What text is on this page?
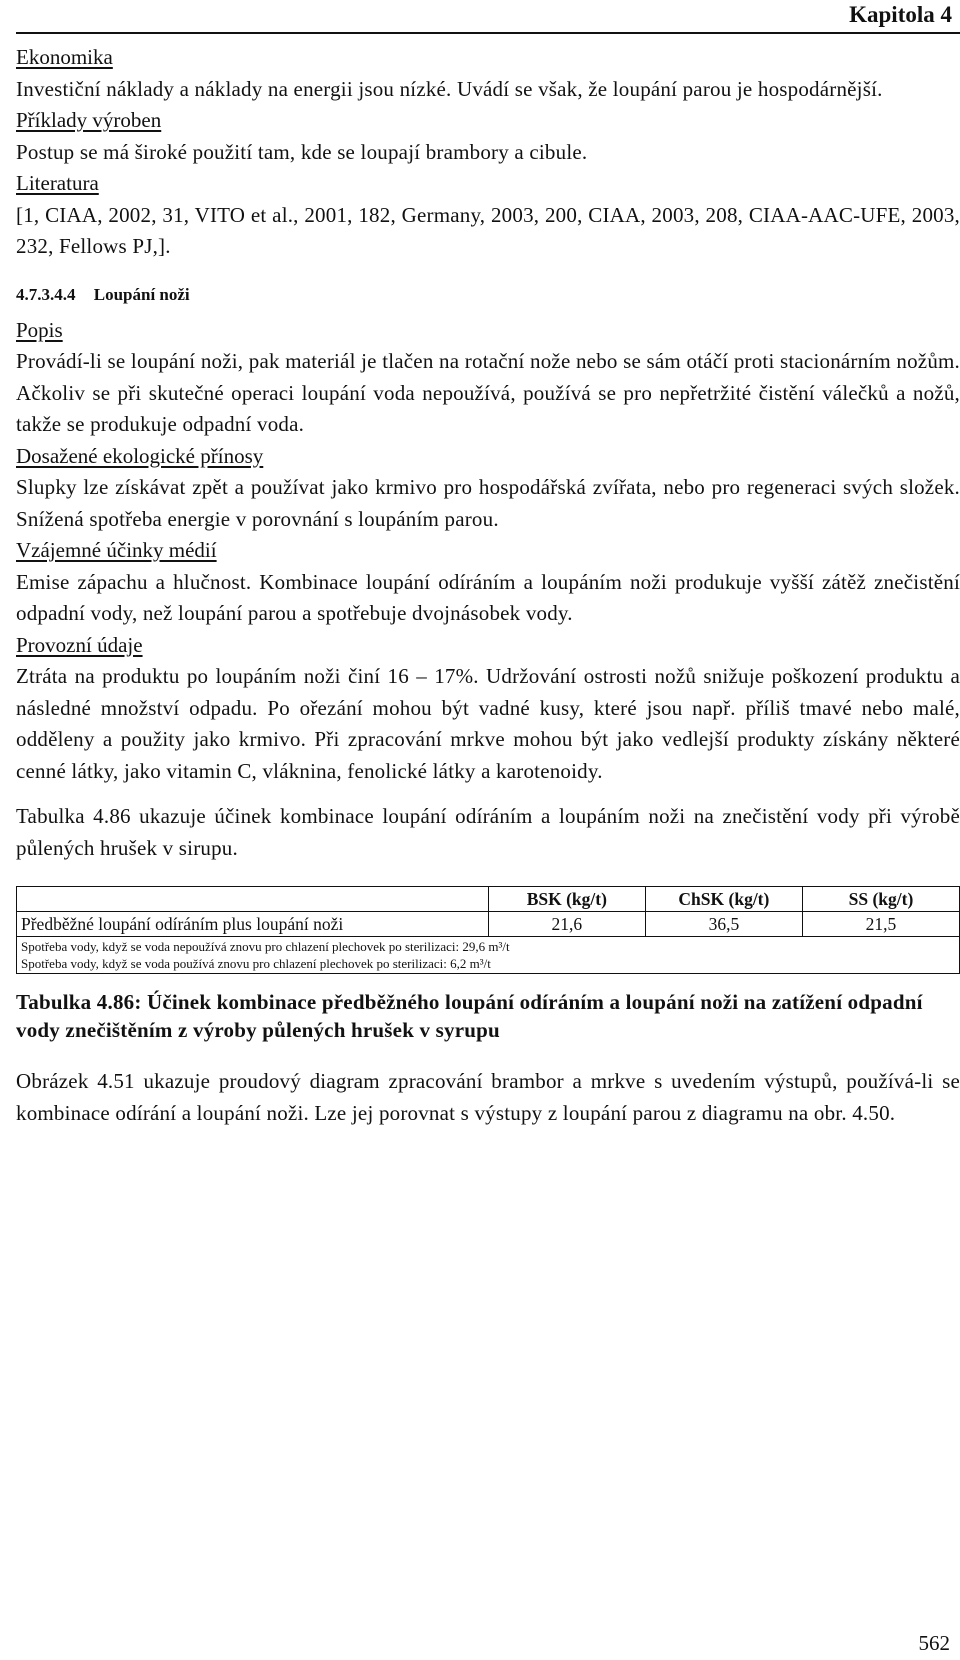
Kapitola 4

Ekonomika

Investiční náklady a náklady na energii jsou nízké. Uvádí se však, že loupání parou je hospodárnější.

Příklady výroben

Postup se má široké použití tam, kde se loupají brambory a cibule.

Literatura

[1, CIAA, 2002, 31, VITO et al., 2001, 182, Germany, 2003, 200, CIAA, 2003, 208, CIAA-AAC-UFE, 2003, 232, Fellows PJ,].

4.7.3.4.4 Loupání noži

Popis

Provádí-li se loupání noži, pak materiál je tlačen na rotační nože nebo se sám otáčí proti stacionárním nožům. Ačkoliv se při skutečné operaci loupání voda nepoužívá, používá se pro nepřetržité čistění válečků a nožů, takže se produkuje odpadní voda.

Dosažené ekologické přínosy

Slupky lze získávat zpět a používat jako krmivo pro hospodářská zvířata, nebo pro regeneraci svých složek. Snížená spotřeba energie v porovnání s loupáním parou.

Vzájemné účinky médií

Emise zápachu a hlučnost. Kombinace loupání odíráním a loupáním noži produkuje vyšší zátěž znečistění odpadní vody, než loupání parou a spotřebuje dvojnásobek vody.

Provozní údaje

Ztráta na produktu po loupáním noži činí 16 – 17%. Udržování ostrosti nožů snižuje poškození produktu a následné množství odpadu. Po ořezání mohou být vadné kusy, které jsou např. příliš tmavé nebo malé, odděleny a použity jako krmivo. Při zpracování mrkve mohou být jako vedlejší produkty získány některé cenné látky, jako vitamin C, vláknina, fenolické látky a karotenoidy.

Tabulka 4.86 ukazuje účinek kombinace loupání odíráním a loupáním noži na znečistění vody při výrobě půlených hrušek v sirupu.

	BSK (kg/t)	ChSK (kg/t)	SS (kg/t)
Předběžné loupání odíráním plus loupání noži	21,6	36,5	21,5

Spotřeba vody, když se voda nepoužívá znovu pro chlazení plechovek po sterilizaci: 29,6 m³/t
Spotřeba vody, když se voda používá znovu pro chlazení plechovek po sterilizaci: 6,2 m³/t			

Tabulka 4.86: Účinek kombinace předběžného loupání odíráním a loupání noži na zatížení odpadní vody znečištěním z výroby půlených hrušek v syrupu

Obrázek 4.51 ukazuje proudový diagram zpracování brambor a mrkve s uvedením výstupů, používá-li se kombinace odírání a loupání noži. Lze jej porovnat s výstupy z loupání parou z diagramu na obr. 4.50.

562
